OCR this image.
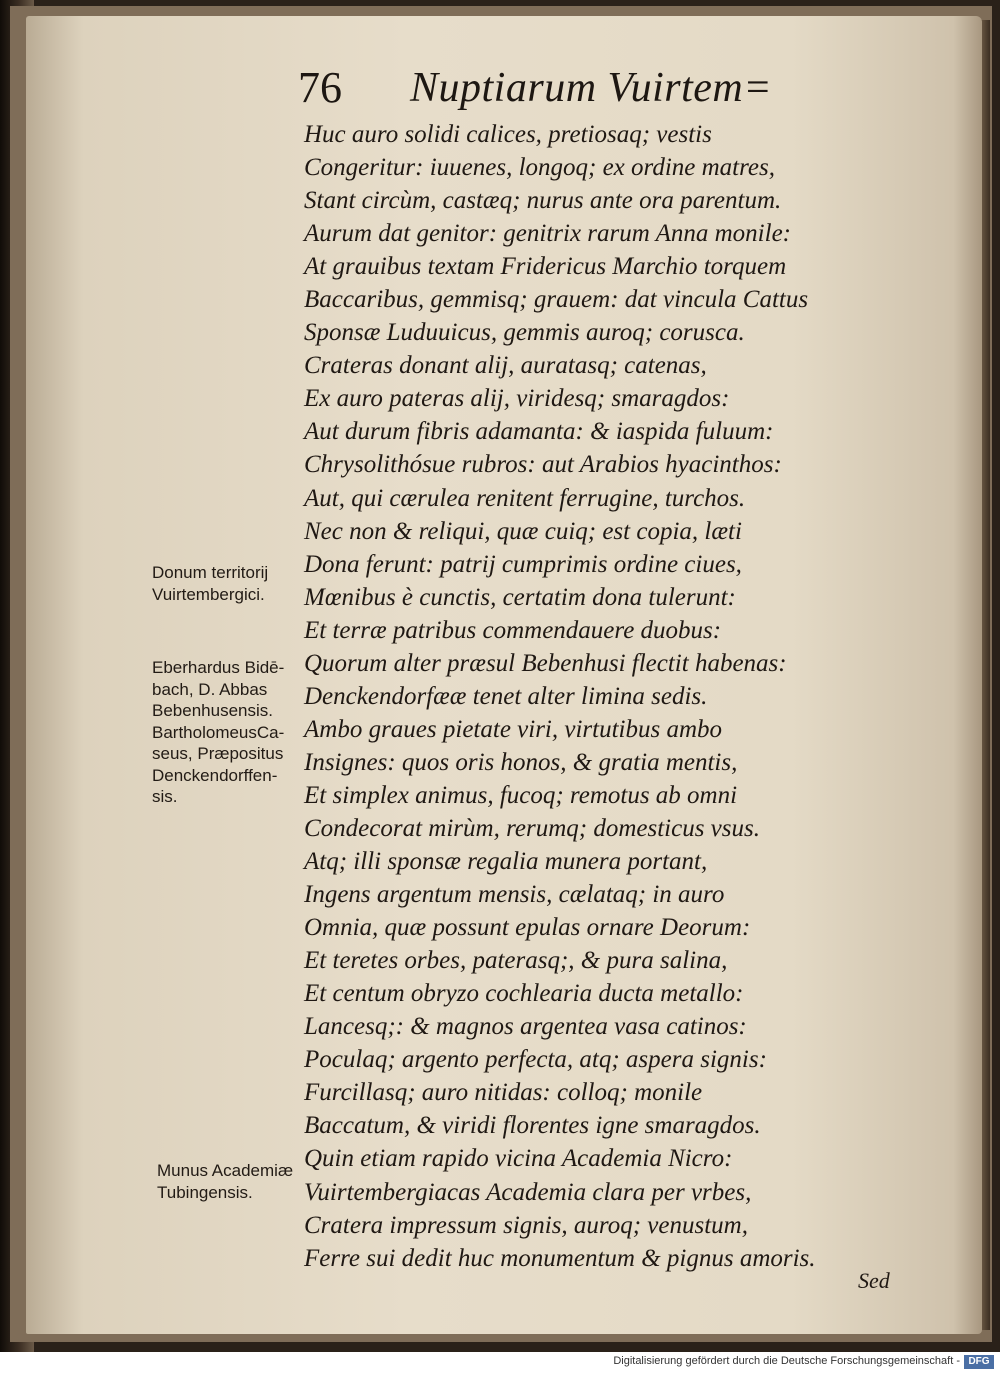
76 Nuptiarum Vuirtem=
Huc auro solidi calices, pretiosaq; vestis
Congeritur: iuuenes, longoq; ex ordine matres,
Stant circùm, castæq; nurus ante ora parentum.
Aurum dat genitor: genitrix rarum Anna monile:
At grauibus textam Fridericus Marchio torquem
Baccaribus, gemmisq; grauem: dat vincula Cattus
Sponsæ Luduuicus, gemmis auroq; corusca.
Crateras donant alij, auratasq; catenas,
Ex auro pateras alij, viridesq; smaragdos:
Aut durum fibris adamanta: & iaspida fuluum:
Chrysolithósue rubros: aut Arabios hyacinthos:
Aut, qui cærulea renitent ferrugine, turchos.
Nec non & reliqui, quæ cuiq; est copia, læti
Dona ferunt: patrij cumprimis ordine ciues,
Mœnibus è cunctis, certatim dona tulerunt:
Et terræ patribus commendauere duobus:
Quorum alter præsul Bebenhusi flectit habenas:
Denckendorfææ tenet alter limina sedis.
Ambo graues pietate viri, virtutibus ambo
Insignes: quos oris honos, & gratia mentis,
Et simplex animus, fucoq; remotus ab omni
Condecorat mirùm, rerumq; domesticus vsus.
Atq; illi sponsæ regalia munera portant,
Ingens argentum mensis, cælataq; in auro
Omnia, quæ possunt epulas ornare Deorum:
Et teretes orbes, paterasq;, & pura salina,
Et centum obryzo cochlearia ducta metallo:
Lancesq;: & magnos argentea vasa catinos:
Poculaq; argento perfecta, atq; aspera signis:
Furcillasq; auro nitidas: colloq; monile
Baccatum, & viridi florentes igne smaragdos.
Quin etiam rapido vicina Academia Nicro:
Vuirtembergiacas Academia clara per vrbes,
Cratera impressum signis, auroq; venustum,
Ferre sui dedit huc monumentum & pignus amoris.
Donum territorij
Vuirtembergici.
Eberhardus Bidē-
bach, D. Abbas
Bebenhusensis.
BartholomeusCa-
seus, Præpositus
Denckendorffen-
sis.
Munus Academiæ
Tubingensis.
Sed
Digitalisierung gefördert durch die Deutsche Forschungsgemeinschaft - DFG
